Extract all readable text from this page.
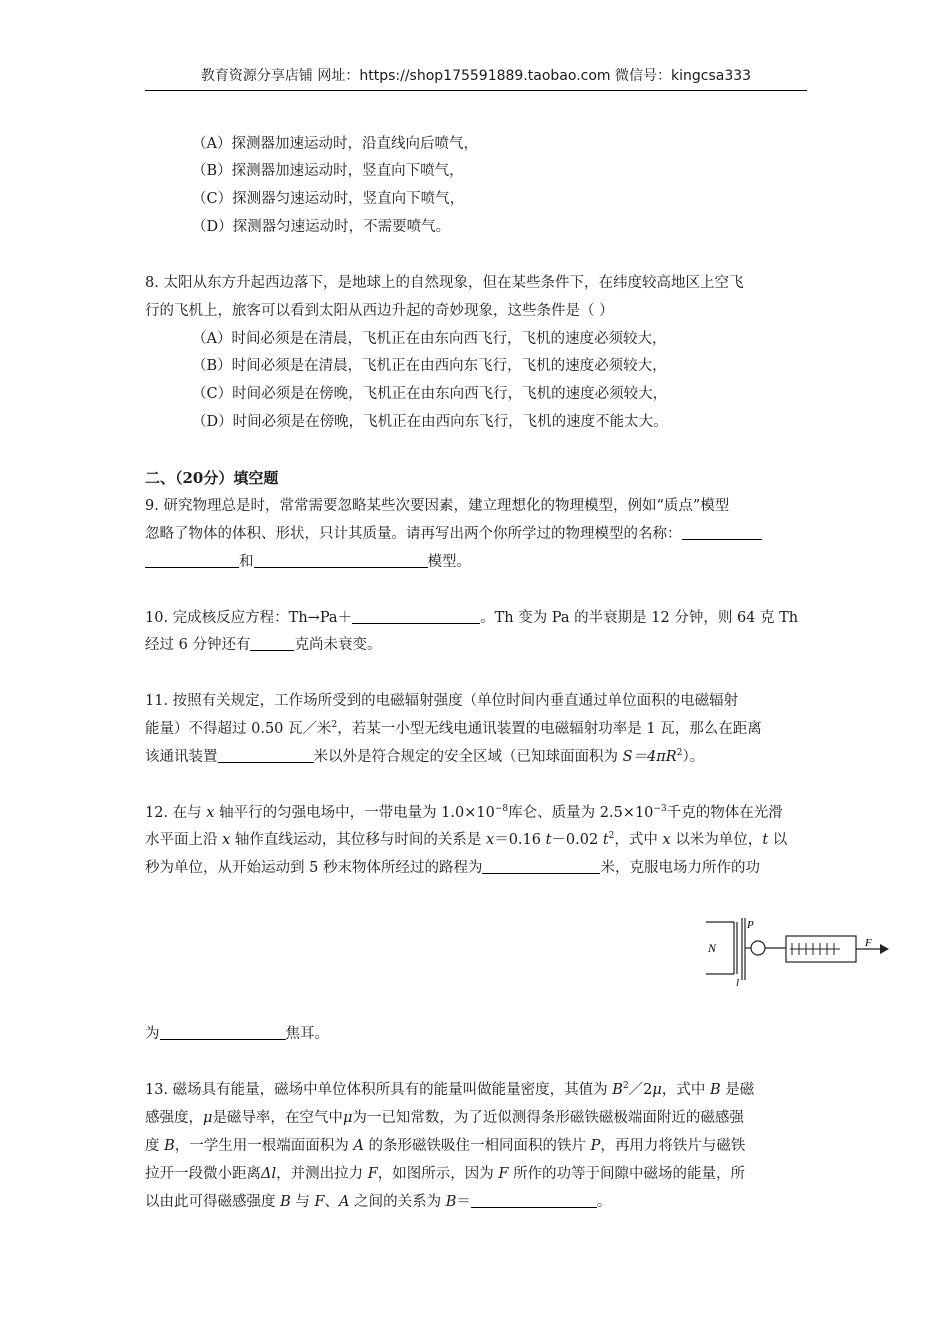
教育资源分享店铺 网址：https://shop175591889.taobao.com 微信号：kingcsa333
（A）探测器加速运动时，沿直线向后喷气，
（B）探测器加速运动时，竖直向下喷气，
（C）探测器匀速运动时，竖直向下喷气，
（D）探测器匀速运动时，不需要喷气。
8. 太阳从东方升起西边落下，是地球上的自然现象，但在某些条件下，在纬度较高地区上空飞
行的飞机上，旅客可以看到太阳从西边升起的奇妙现象，这些条件是（ ）
（A）时间必须是在清晨，飞机正在由东向西飞行，飞机的速度必须较大，
（B）时间必须是在清晨，飞机正在由西向东飞行，飞机的速度必须较大，
（C）时间必须是在傍晚，飞机正在由东向西飞行，飞机的速度必须较大，
（D）时间必须是在傍晚，飞机正在由西向东飞行，飞机的速度不能太大。
二、（20分）填空题
9. 研究物理总是时，常常需要忽略某些次要因素，建立理想化的物理模型，例如“质点”模型
忽略了物体的体积、形状，只计其质量。请再写出两个你所学过的物理模型的名称：
和	模型。
10. 完成核反应方程：Th→Pa＋	。Th 变为 Pa 的半衰期是 12 分钟，则 64 克 Th
经过 6 分钟还有	克尚未衰变。
11. 按照有关规定，工作场所受到的电磁辐射强度（单位时间内垂直通过单位面积的电磁辐射
能量）不得超过 0.50 瓦／米$^2$，若某一小型无线电通讯装置的电磁辐射功率是 1 瓦，那么在距离
该通讯装置	米以外是符合规定的安全区域（已知球面面积为 $S=4\pi R^2$）。
12. 在与 x 轴平行的匀强电场中，一带电量为 $1.0\times 10^{-8}$库仑、质量为 $2.5\times 10^{-3}$千克的物体在光滑
水平面上沿 x 轴作直线运动，其位移与时间的关系是 x＝0.16 t－0.02 $t^2$，式中 x 以米为单位，t 以
秒为单位，从开始运动到 5 秒末物体所经过的路程为	米，克服电场力所作的功
N
P
l
F
为	焦耳。
13. 磁场具有能量，磁场中单位体积所具有的能量叫做能量密度，其值为 $B^2/2\mu$，式中 B 是磁
感强度，μ是磁导率，在空气中μ为一已知常数，为了近似测得条形磁铁磁极端面附近的磁感强
度 B，一学生用一根端面面积为 A 的条形磁铁吸住一相同面积的铁片 P，再用力将铁片与磁铁
拉开一段微小距离Δl，并测出拉力 F，如图所示，因为 F 所作的功等于间隙中磁场的能量，所
以由此可得磁感强度 B 与 F、A 之间的关系为 B＝	。
